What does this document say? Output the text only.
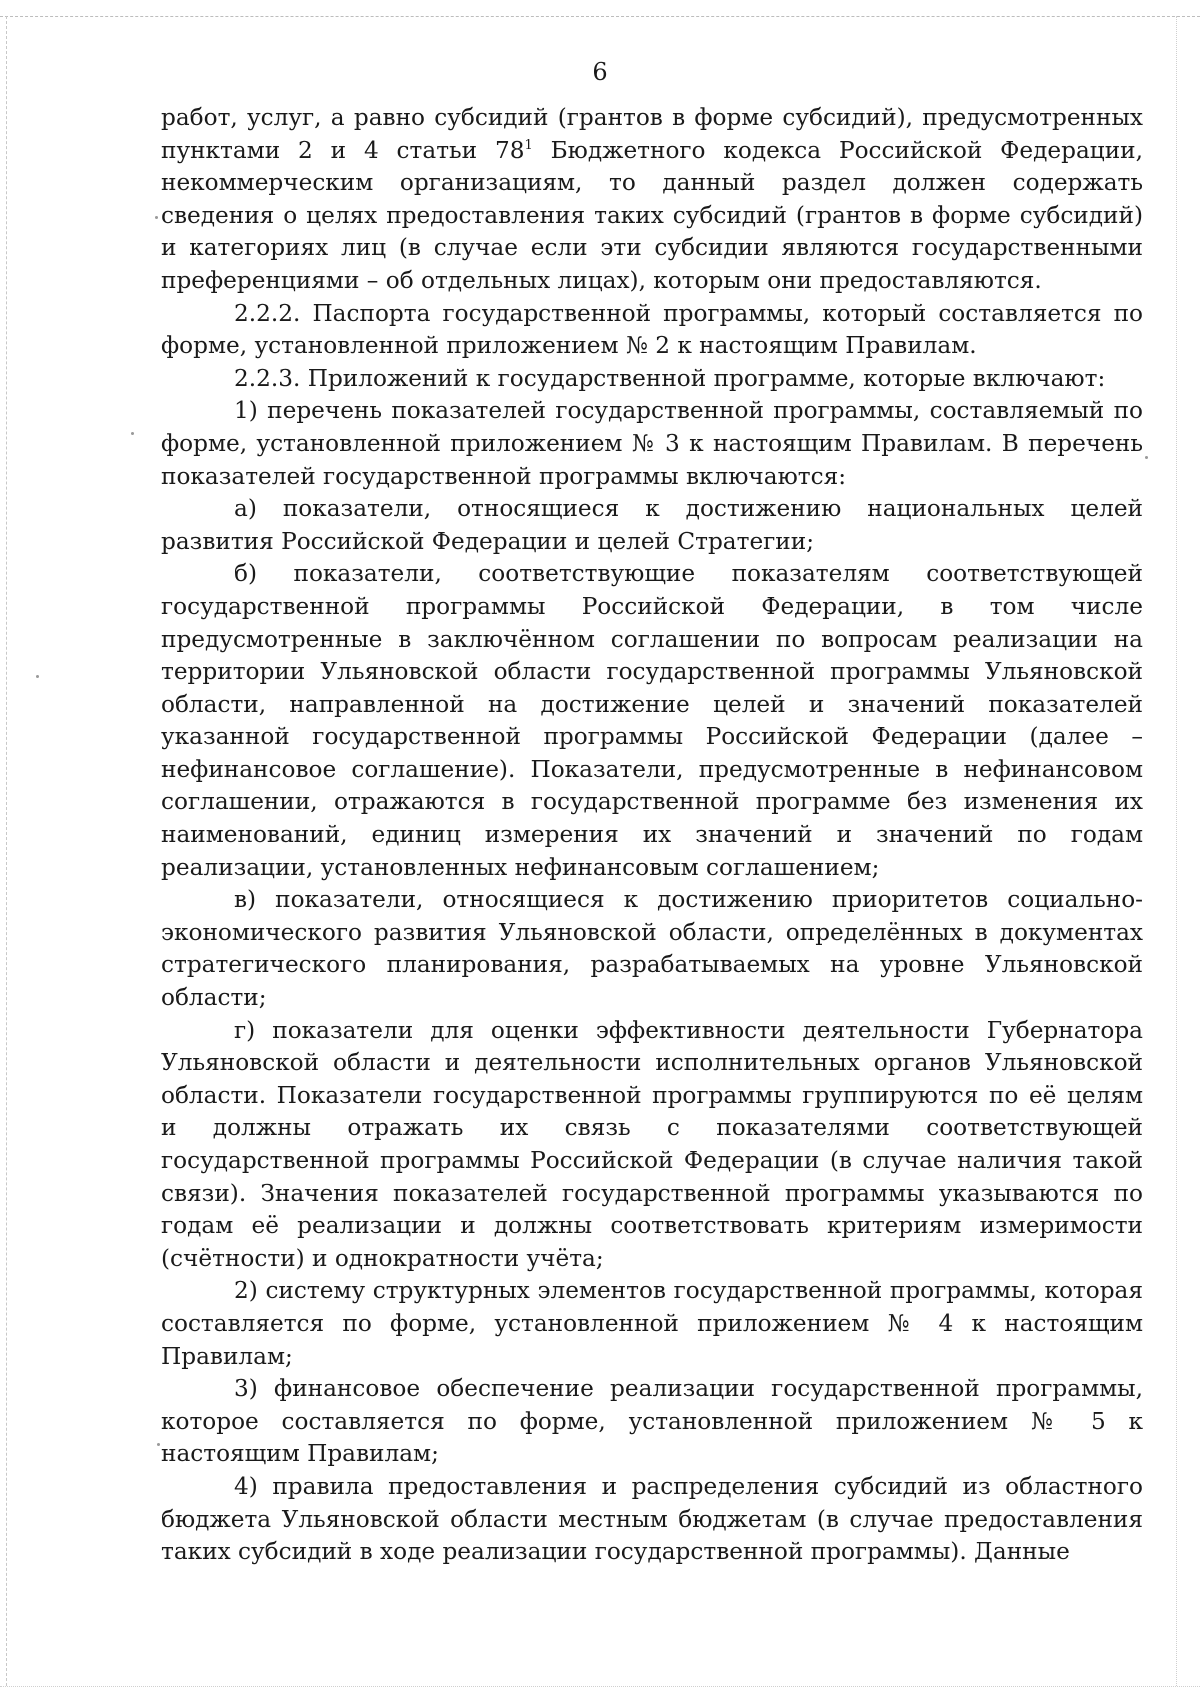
6

работ, услуг, а равно субсидий (грантов в форме субсидий), предусмотренных пунктами 2 и 4 статьи $78^1$ Бюджетного кодекса Российской Федерации, некоммерческим организациям, то данный раздел должен содержать сведения о целях предоставления таких субсидий (грантов в форме субсидий) и категориях лиц (в случае если эти субсидии являются государственными преференциями – об отдельных лицах), которым они предоставляются.

2.2.2. Паспорта государственной программы, который составляется по форме, установленной приложением № 2 к настоящим Правилам.

2.2.3. Приложений к государственной программе, которые включают:

1) перечень показателей государственной программы, составляемый по форме, установленной приложением № 3 к настоящим Правилам. В перечень показателей государственной программы включаются:

а) показатели, относящиеся к достижению национальных целей развития Российской Федерации и целей Стратегии;

б) показатели, соответствующие показателям соответствующей государственной программы Российской Федерации, в том числе предусмотренные в заключённом соглашении по вопросам реализации на территории Ульяновской области государственной программы Ульяновской области, направленной на достижение целей и значений показателей указанной государственной программы Российской Федерации (далее – нефинансовое соглашение). Показатели, предусмотренные в нефинансовом соглашении, отражаются в государственной программе без изменения их наименований, единиц измерения их значений и значений по годам реализации, установленных нефинансовым соглашением;

в) показатели, относящиеся к достижению приоритетов социально-экономического развития Ульяновской области, определённых в документах стратегического планирования, разрабатываемых на уровне Ульяновской области;

г) показатели для оценки эффективности деятельности Губернатора Ульяновской области и деятельности исполнительных органов Ульяновской области. Показатели государственной программы группируются по её целям и должны отражать их связь с показателями соответствующей государственной программы Российской Федерации (в случае наличия такой связи). Значения показателей государственной программы указываются по годам её реализации и должны соответствовать критериям измеримости (счётности) и однократности учёта;

2) систему структурных элементов государственной программы, которая составляется по форме, установленной приложением № 4 к настоящим Правилам;

3) финансовое обеспечение реализации государственной программы, которое составляется по форме, установленной приложением № 5 к настоящим Правилам;

4) правила предоставления и распределения субсидий из областного бюджета Ульяновской области местным бюджетам (в случае предоставления таких субсидий в ходе реализации государственной программы). Данные
